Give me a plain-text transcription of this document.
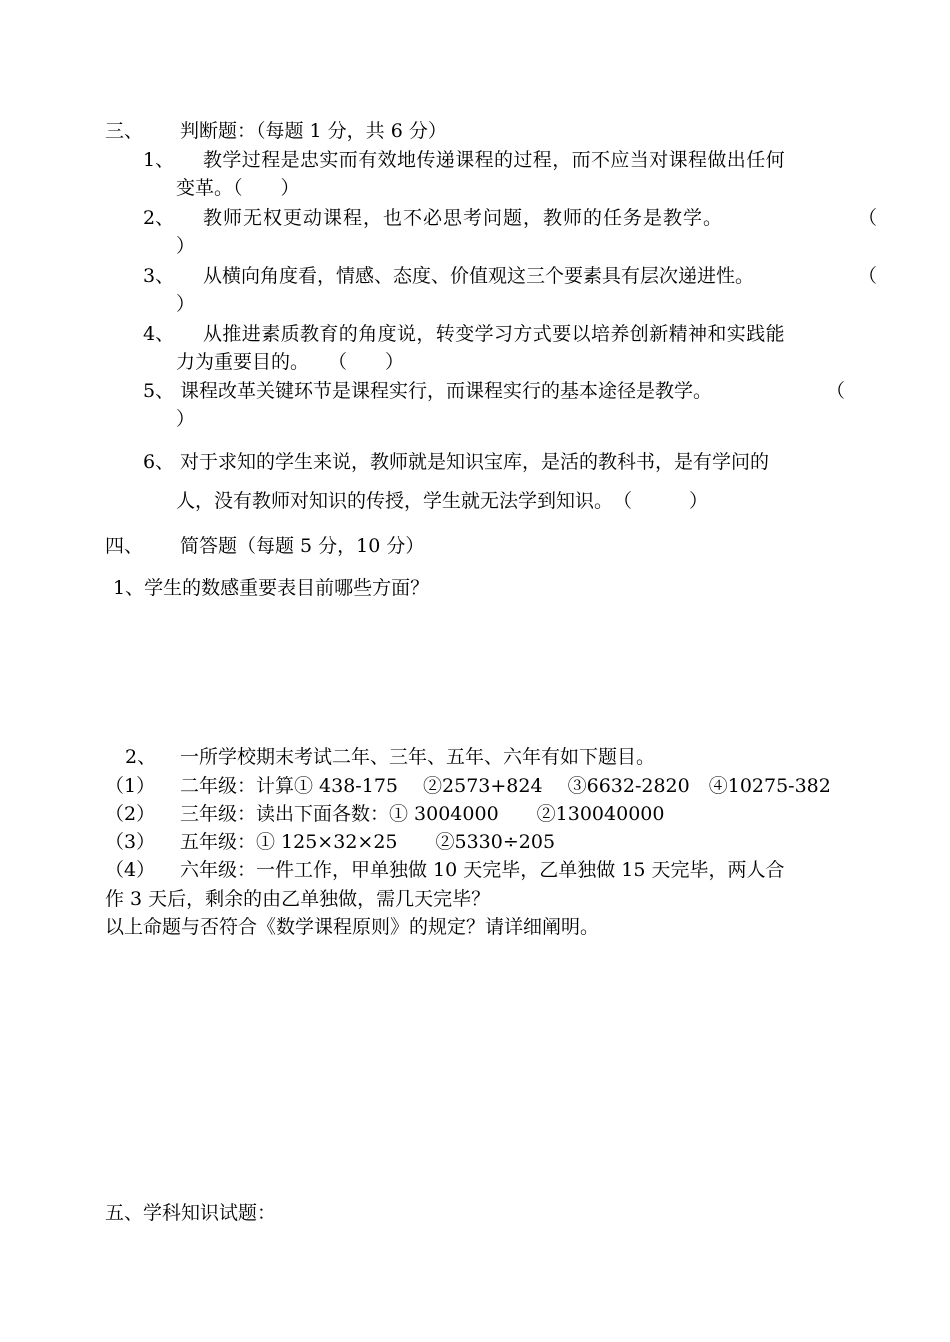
三、 判断题：（每题 1 分，共 6 分）
1、 教学过程是忠实而有效地传递课程的过程，而不应当对课程做出任何
变革。（　　）
2、 教师无权更动课程，也不必思考问题，教师的任务是教学。	（
）
3、 从横向角度看，情感、态度、价值观这三个要素具有层次递进性。	（
）
4、 从推进素质教育的角度说，转变学习方式要以培养创新精神和实践能
力为重要目的。　　（　　）
5、 课程改革关键环节是课程实行，而课程实行的基本途径是教学。	（
）
6、 对于求知的学生来说，教师就是知识宝库，是活的教科书，是有学问的
人，没有教师对知识的传授，学生就无法学到知识。　（　　　）
四、 简答题（每题 5 分，10 分）
1、学生的数感重要表目前哪些方面？
2、 一所学校期末考试二年、三年、五年、六年有如下题目。
（1） 二年级：计算① 438-175　 ②2573+824　 ③6632-2820　④10275-382
（2） 三年级：读出下面各数：① 3004000　　②130040000
（3） 五年级：① 125×32×25　　②5330÷205
（4） 六年级：一件工作，甲单独做 10 天完毕，乙单独做 15 天完毕，两人合
作 3 天后，剩余的由乙单独做，需几天完毕？
以上命题与否符合《数学课程原则》的规定？请详细阐明。
五、学科知识试题：
